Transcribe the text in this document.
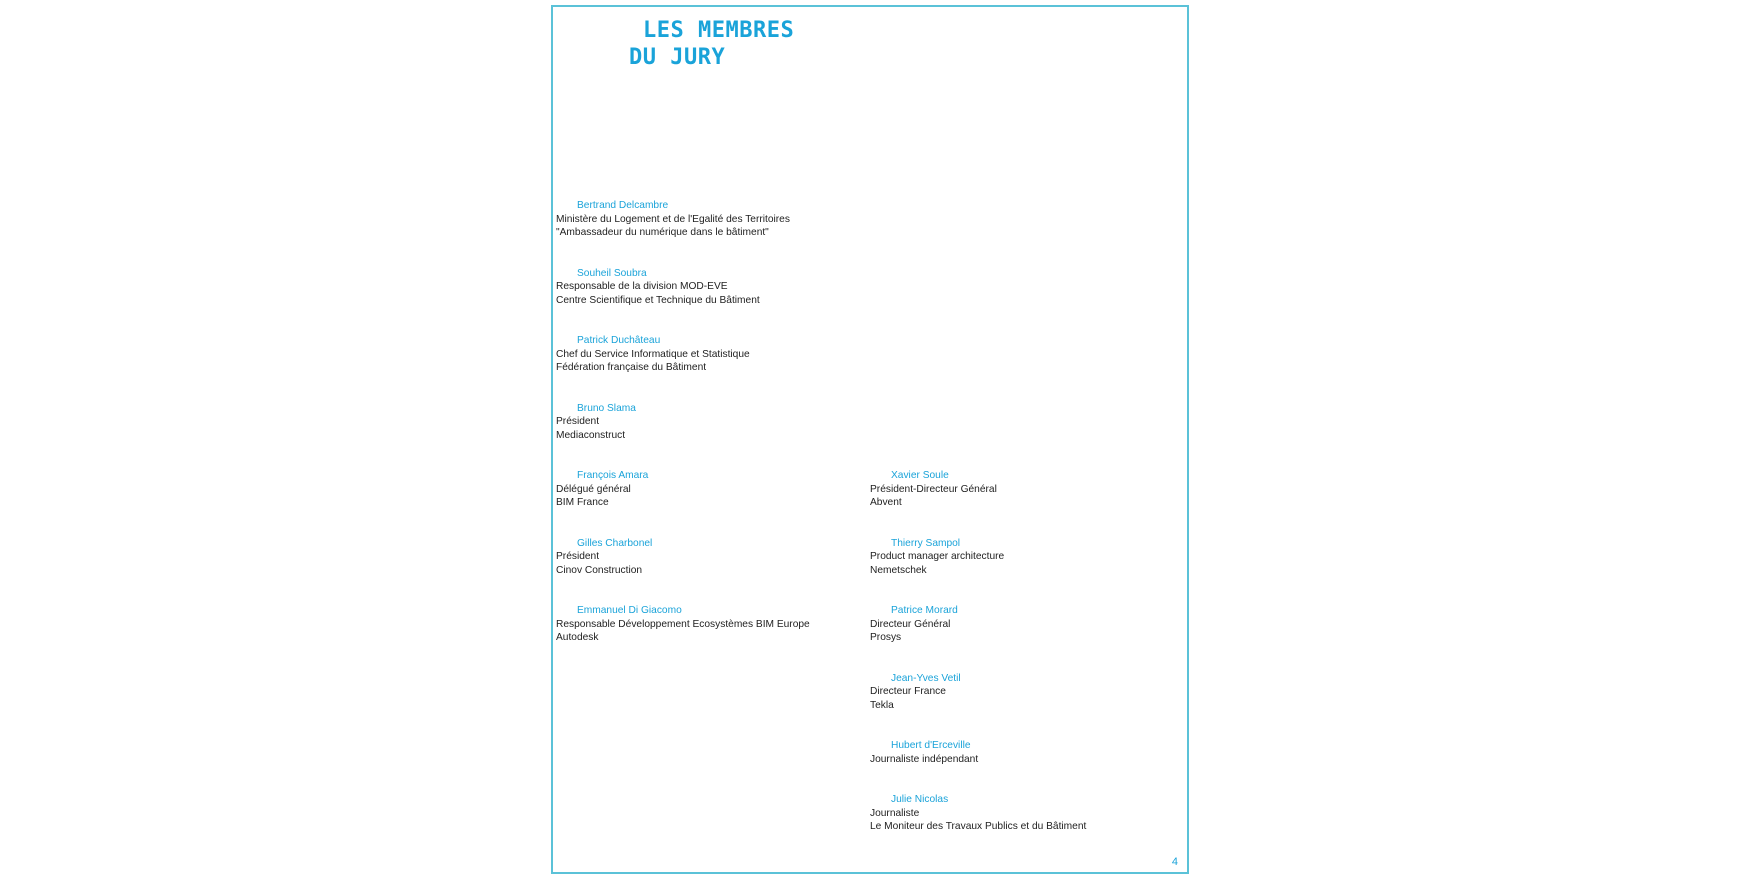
LES MEMBRES
DU JURY
Bertrand Delcambre
Ministère du Logement et de l'Egalité des Territoires
"Ambassadeur du numérique dans le bâtiment"
Souheil Soubra
Responsable de la division MOD-EVE
Centre Scientifique et Technique du Bâtiment
Patrick Duchâteau
Chef du Service Informatique et Statistique
Fédération française du Bâtiment
Bruno Slama
Président
Mediaconstruct
François Amara
Délégué général
BIM France
Gilles Charbonel
Président
Cinov Construction
Emmanuel Di Giacomo
Responsable Développement Ecosystèmes BIM Europe
Autodesk
Xavier Soule
Président-Directeur Général
Abvent
Thierry Sampol
Product manager architecture
Nemetschek
Patrice Morard
Directeur Général
Prosys
Jean-Yves Vetil
Directeur France
Tekla
Hubert d'Erceville
Journaliste indépendant
Julie Nicolas
Journaliste
Le Moniteur des Travaux Publics et du Bâtiment
4
